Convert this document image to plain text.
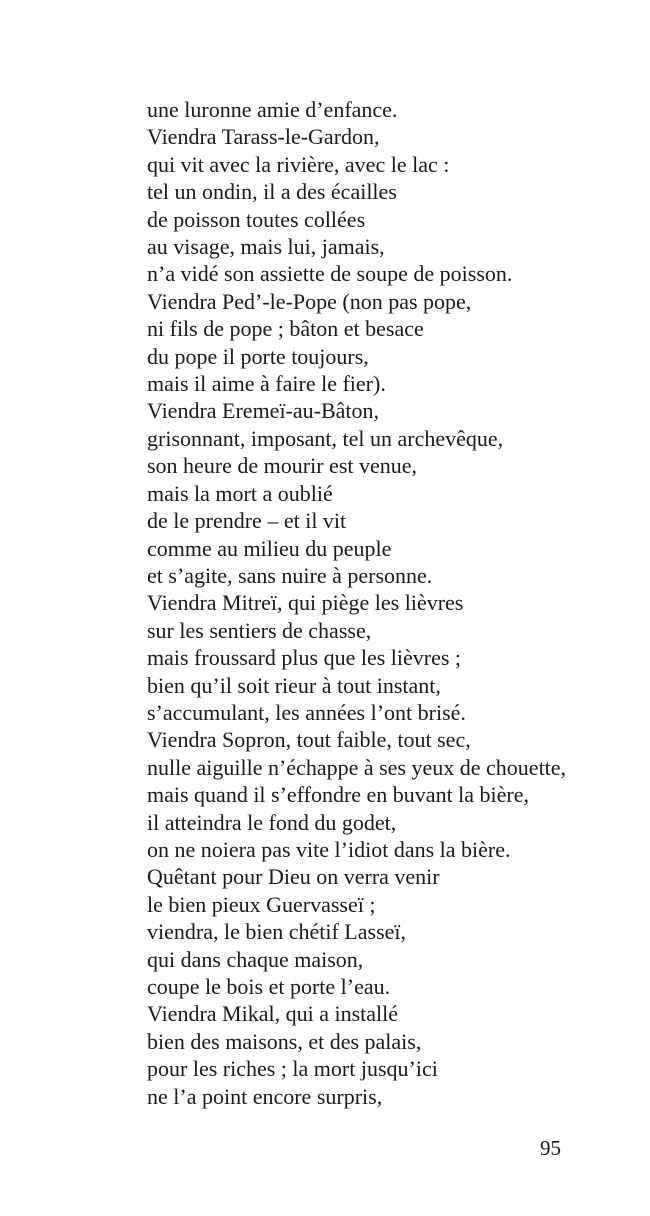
une luronne amie d’enfance.

Viendra Tarass-le-Gardon,

qui vit avec la rivière, avec le lac :

tel un ondin, il a des écailles

de poisson toutes collées

au visage, mais lui, jamais,

n’a vidé son assiette de soupe de poisson.

Viendra Ped’-le-Pope (non pas pope,

ni fils de pope ; bâton et besace

du pope il porte toujours,

mais il aime à faire le fier).

Viendra Eremeï-au-Bâton,

grisonnant, imposant, tel un archevêque,

son heure de mourir est venue,

mais la mort a oublié

de le prendre – et il vit

comme au milieu du peuple

et s’agite, sans nuire à personne.

Viendra Mitreï, qui piège les lièvres

sur les sentiers de chasse,

mais froussard plus que les lièvres ;

bien qu’il soit rieur à tout instant,

s’accumulant, les années l’ont brisé.

Viendra Sopron, tout faible, tout sec,

nulle aiguille n’échappe à ses yeux de chouette,

mais quand il s’effondre en buvant la bière,

il atteindra le fond du godet,

on ne noiera pas vite l’idiot dans la bière.

Quêtant pour Dieu on verra venir

le bien pieux Guervasseï ;

viendra, le bien chétif Lasseï,

qui dans chaque maison,

coupe le bois et porte l’eau.

Viendra Mikal, qui a installé

bien des maisons, et des palais,

pour les riches ; la mort jusqu’ici

ne l’a point encore surpris,

95
